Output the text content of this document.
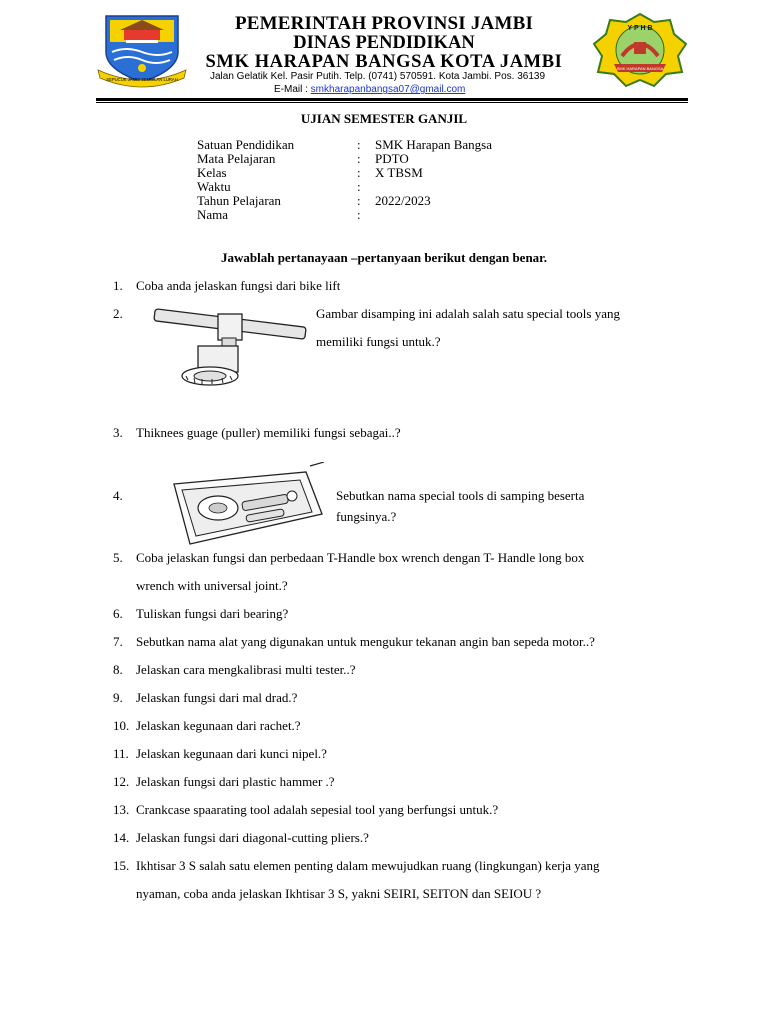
SEPUCUK JAMBI SEMBILAN LURAH
Y P H B
SMK HARAPAN BANGSA
PEMERINTAH PROVINSI JAMBI
DINAS PENDIDIKAN
SMK HARAPAN BANGSA KOTA JAMBI
Jalan Gelatik Kel. Pasir Putih. Telp. (0741) 570591. Kota Jambi. Pos. 36139
E-Mail : smkharapanbangsa07@gmail.com
UJIAN SEMESTER GANJIL
Satuan Pendidikan	: SMK Harapan Bangsa
Mata Pelajaran	: PDTO
Kelas	: X TBSM
Waktu	:
Tahun Pelajaran	: 2022/2023
Nama	:
Jawablah pertanayaan –pertanyaan berikut dengan benar.
1. Coba anda jelaskan fungsi dari bike lift
2.	Gambar disamping ini adalah salah satu special tools yang
memiliki fungsi untuk.?
3. Thiknees guage (puller) memiliki fungsi sebagai..?
4.	Sebutkan nama special tools di samping beserta
fungsinya.?
5. Coba jelaskan fungsi dan perbedaan T-Handle box wrench dengan T- Handle long box
wrench with universal joint.?
6. Tuliskan fungsi dari bearing?
7. Sebutkan nama alat yang digunakan untuk mengukur tekanan angin ban sepeda motor..?
8. Jelaskan cara mengkalibrasi multi tester..?
9. Jelaskan fungsi dari mal drad.?
10. Jelaskan kegunaan dari rachet.?
11. Jelaskan kegunaan dari kunci nipel.?
12. Jelaskan fungsi dari plastic hammer .?
13. Crankcase spaarating tool adalah sepesial tool yang berfungsi untuk.?
14. Jelaskan fungsi dari diagonal-cutting pliers.?
15. Ikhtisar 3 S salah satu elemen penting dalam mewujudkan ruang (lingkungan) kerja yang
nyaman, coba anda jelaskan Ikhtisar 3 S, yakni SEIRI, SEITON dan SEIOU ?
